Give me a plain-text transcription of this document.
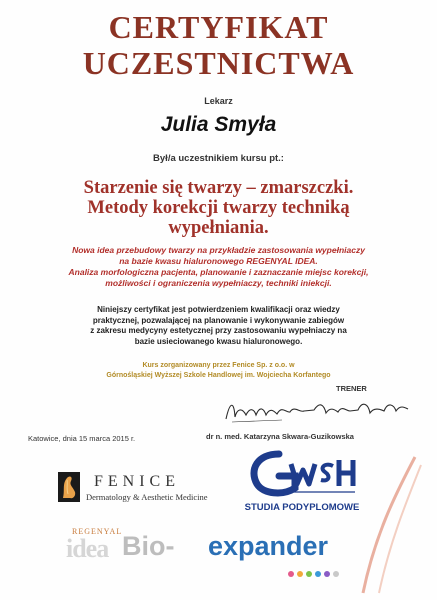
CERTYFIKAT
UCZESTNICTWA
Lekarz
Julia Smyła
Był/a uczestnikiem kursu pt.:
Starzenie się twarzy – zmarszczki.
Metody korekcji twarzy techniką
wypełniania.
Nowa idea przebudowy twarzy na przykładzie zastosowania wypełniaczy
na bazie kwasu hialuronowego REGENYAL IDEA.
Analiza morfologiczna pacjenta, planowanie i zaznaczanie miejsc korekcji,
możliwości i ograniczenia wypełniaczy, techniki iniekcji.
Niniejszy certyfikat jest potwierdzeniem kwalifikacji oraz wiedzy
praktycznej, pozwalającej na planowanie i wykonywanie zabiegów
z zakresu medycyny estetycznej przy zastosowaniu wypełniaczy na
bazie usieciowanego kwasu hialuronowego.
Kurs zorganizowany przez Fenice Sp. z o.o. w
Górnośląskiej Wyższej Szkole Handlowej im. Wojciecha Korfantego
TRENER
Katowice, dnia 15 marca 2015 r.	dr n. med. Katarzyna Skwara-Guzikowska
FENICE
Dermatology & Aesthetic Medicine
STUDIA PODYPLOMOWE
REGENYAL
idea Bio- expander
